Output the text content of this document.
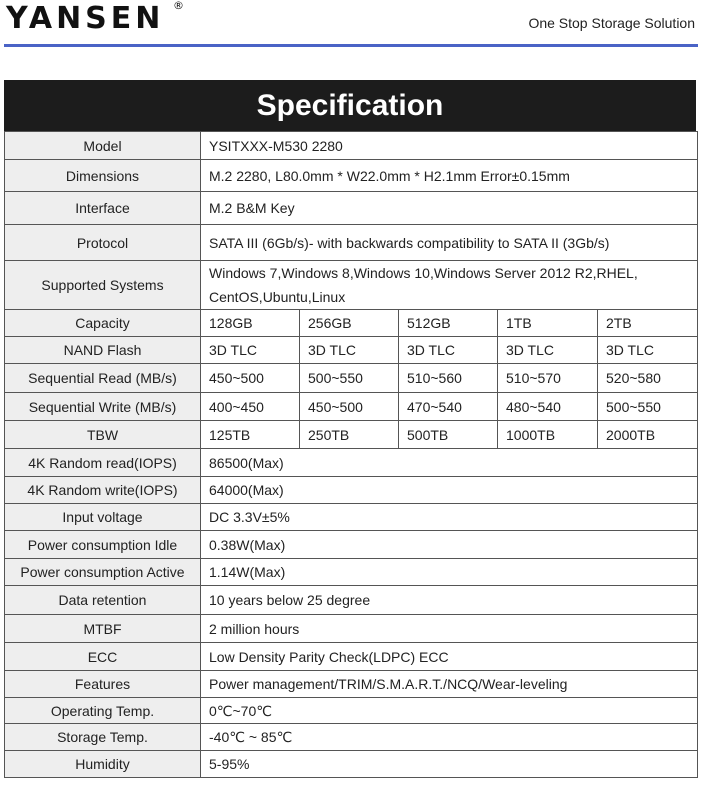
YANSEN ®
One Stop Storage Solution
Specification
Model	YSITXXX-M530 2280				
Dimensions	M.2 2280, L80.0mm * W22.0mm * H2.1mm Error±0.15mm				
Interface	M.2 B&M Key				
Protocol	SATA III (6Gb/s)- with backwards compatibility to SATA II (3Gb/s)				
Supported Systems	Windows 7,Windows 8,Windows 10,Windows Server 2012 R2,RHEL, CentOS,Ubuntu,Linux				
Capacity	128GB	256GB	512GB	1TB	2TB
NAND Flash	3D TLC	3D TLC	3D TLC	3D TLC	3D TLC
Sequential Read (MB/s)	450~500	500~550	510~560	510~570	520~580
Sequential Write (MB/s)	400~450	450~500	470~540	480~540	500~550
TBW	125TB	250TB	500TB	1000TB	2000TB
4K Random read(IOPS)	86500(Max)				
4K Random write(IOPS)	64000(Max)				
Input voltage	DC 3.3V±5%				
Power consumption Idle	0.38W(Max)				
Power consumption Active	1.14W(Max)				
Data retention	10 years below 25 degree				
MTBF	2 million hours				
ECC	Low Density Parity Check(LDPC) ECC				
Features	Power management/TRIM/S.M.A.R.T./NCQ/Wear-leveling				
Operating Temp.	0℃~70℃				
Storage Temp.	-40℃ ~ 85℃				
Humidity	5-95%				
